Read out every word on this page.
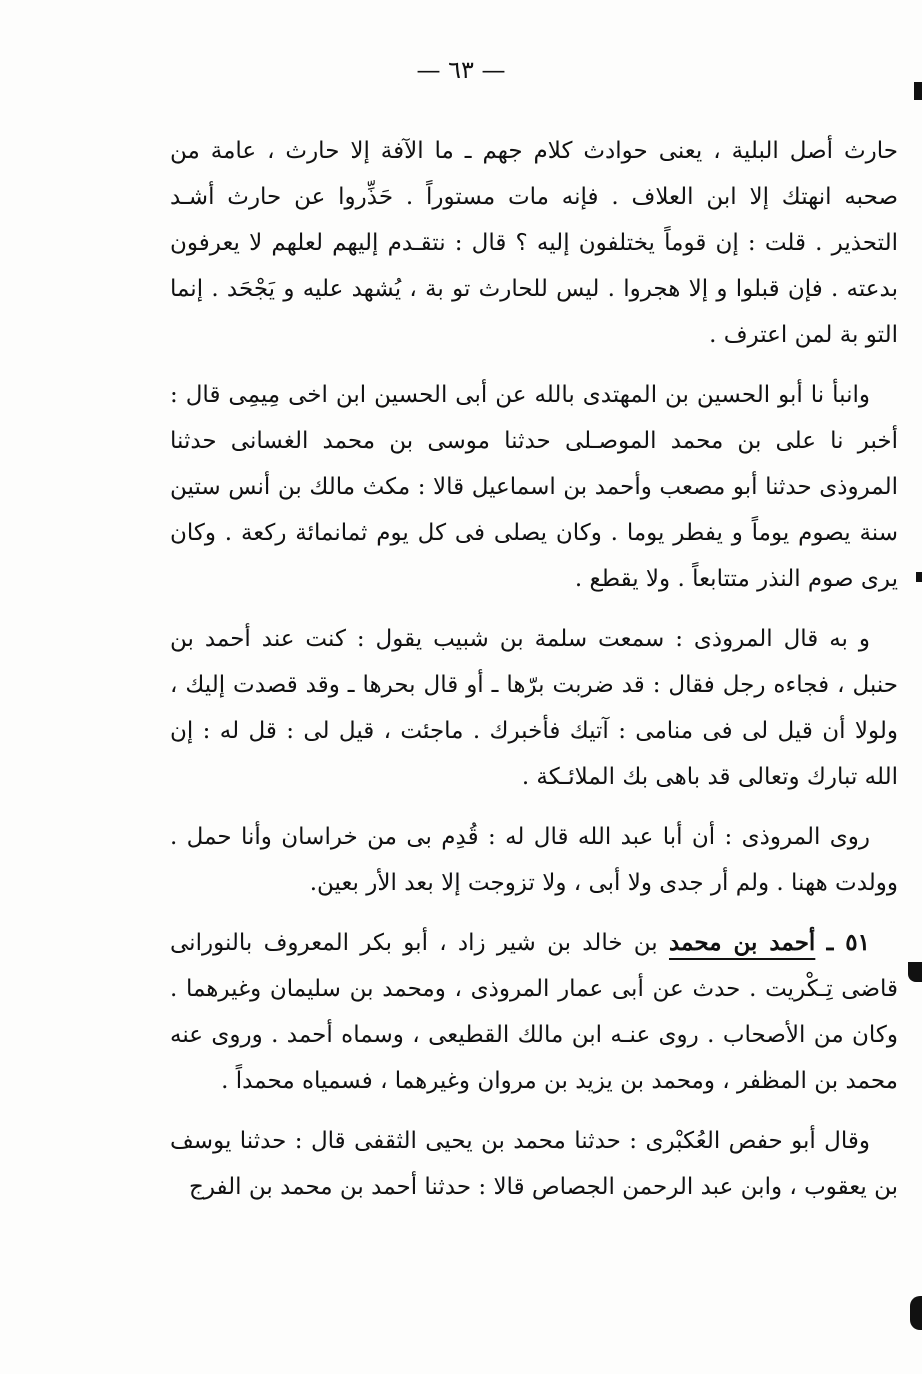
— ٦٣ —

حارث أصل البلية ، يعنى حوادث كلام جهم ـ ما الآفة إلا حارث ، عامة من صحبه انهتك إلا ابن العلاف . فإنه مات مستوراً . حَذِّروا عن حارث أشـد التحذير . قلت : إن قوماً يختلفون إليه ؟ قال : نتقـدم إليهم لعلهم لا يعرفون بدعته . فإن قبلوا و إلا هجروا . ليس للحارث تو بة ، يُشهد عليه و يَجْحَد . إنما التو بة لمن اعترف .

وانبأ نا أبو الحسين بن المهتدى بالله عن أبى الحسين ابن اخى مِيمِى قال : أخبر نا على بن محمد الموصـلى حدثنا موسى بن محمد الغسانى حدثنا المروذى حدثنا أبو مصعب وأحمد بن اسماعيل قالا : مكث مالك بن أنس ستين سنة يصوم يوماً و يفطر يوما . وكان يصلى فى كل يوم ثمانمائة ركعة . وكان يرى صوم النذر متتابعاً . ولا يقطع .

و به قال المروذى : سمعت سلمة بن شبيب يقول : كنت عند أحمد بن حنبل ، فجاءه رجل فقال : قد ضربت برّها ـ أو قال بحرها ـ وقد قصدت إليك ، ولولا أن قيل لى فى منامى : آتيك فأخبرك . ماجئت ، قيل لى : قل له : إن الله تبارك وتعالى قد باهى بك الملائـكة .

روى المروذى : أن أبا عبد الله قال له : قُدِم بى من خراسان وأنا حمل . وولدت ههنا . ولم أر جدى ولا أبى ، ولا تزوجت إلا بعد الأر بعين.

٥١ ـ أحمد بن محمد بن خالد بن شير زاد ، أبو بكر المعروف بالنورانى قاضى تِـكْريت . حدث عن أبى عمار المروذى ، ومحمد بن سليمان وغيرهما . وكان من الأصحاب . روى عنـه ابن مالك القطيعى ، وسماه أحمد . وروى عنه محمد بن المظفر ، ومحمد بن يزيد بن مروان وغيرهما ، فسمياه محمداً .

وقال أبو حفص العُكبْرى : حدثنا محمد بن يحيى الثقفى قال : حدثنا يوسف بن يعقوب ، وابن عبد الرحمن الجصاص قالا : حدثنا أحمد بن محمد بن الفرج
